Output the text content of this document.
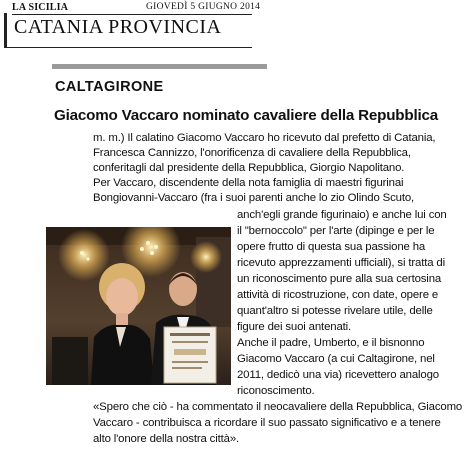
LA SICILIA	GIOVEDÌ 5 GIUGNO 2014
CATANIA PROVINCIA
CALTAGIRONE
Giacomo Vaccaro nominato cavaliere della Repubblica
m. m.) Il calatino Giacomo Vaccaro ho ricevuto dal prefetto di Catania,
Francesca Cannizzo, l'onorificenza di cavaliere della Repubblica,
conferitagli dal presidente della Repubblica, Giorgio Napolitano.
Per Vaccaro, discendente della nota famiglia di maestri figurinai
Bongiovanni-Vaccaro (fra i suoi parenti anche lo zio Olindo Scuto,
anch'egli grande figurinaio) e anche lui con
il "bernoccolo" per l'arte (dipinge e per le
opere frutto di questa sua passione ha
ricevuto apprezzamenti ufficiali), si tratta di
un riconoscimento pure alla sua certosina
attività di ricostruzione, con date, opere e
quant'altro si potesse rivelare utile, delle
figure dei suoi antenati.
Anche il padre, Umberto, e il bisnonno
Giacomo Vaccaro (a cui Caltagirone, nel
2011, dedicò una via) ricevettero analogo
riconoscimento.
«Spero che ciò - ha commentato il neocavaliere della Repubblica, Giacomo
Vaccaro - contribuisca a ricordare il suo passato significativo e a tenere
alto l'onore della nostra città».
